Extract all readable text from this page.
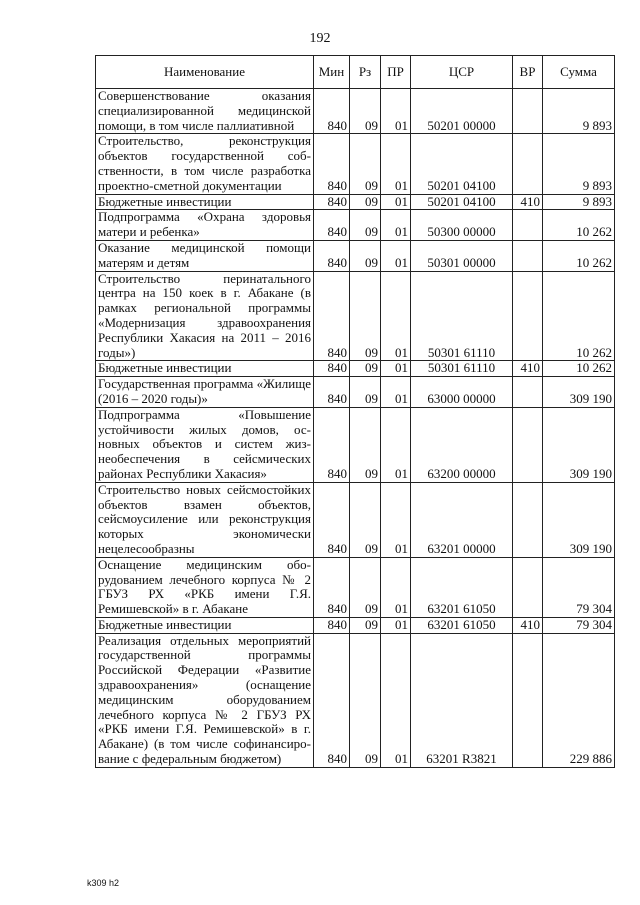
192
Наименование	Мин	Рз	ПР	ЦСР	ВР	Сумма
Совершенствование оказания специализированной медицинской помощи, в том числе паллиативной	840	09	01	50201 00000		9 893
Строительство, реконструкция объектов государственной собственности, в том числе разработка проектно-сметной документации	840	09	01	50201 04100		9 893
Бюджетные инвестиции	840	09	01	50201 04100	410	9 893
Подпрограмма «Охрана здоровья матери и ребенка»	840	09	01	50300 00000		10 262
Оказание медицинской помощи матерям и детям	840	09	01	50301 00000		10 262
Строительство перинатального центра на 150 коек в г. Абакане (в рамках региональной программы «Модернизация здравоохранения Республики Хакасия на 2011 – 2016 годы»)	840	09	01	50301 61110		10 262
Бюджетные инвестиции	840	09	01	50301 61110	410	10 262
Государственная программа «Жилище (2016 – 2020 годы)»	840	09	01	63000 00000		309 190
Подпрограмма «Повышение устойчивости жилых домов, основных объектов и систем жизнеобеспечения в сейсмических районах Республики Хакасия»	840	09	01	63200 00000		309 190
Строительство новых сейсмостойких объектов взамен объектов, сейсмоусиление или реконструкция которых экономически нецелесообразны	840	09	01	63201 00000		309 190
Оснащение медицинским оборудованием лечебного корпуса № 2 ГБУЗ РХ «РКБ имени Г.Я. Ремишевской» в г. Абакане	840	09	01	63201 61050		79 304
Бюджетные инвестиции	840	09	01	63201 61050	410	79 304
Реализация отдельных мероприятий государственной программы Российской Федерации «Развитие здравоохранения» (оснащение медицинским оборудованием лечебного корпуса № 2 ГБУЗ РХ «РКБ имени Г.Я. Ремишевской» в г. Абакане) (в том числе софинансирование с федеральным бюджетом)	840	09	01	63201 R3821		229 886
k309 h2
